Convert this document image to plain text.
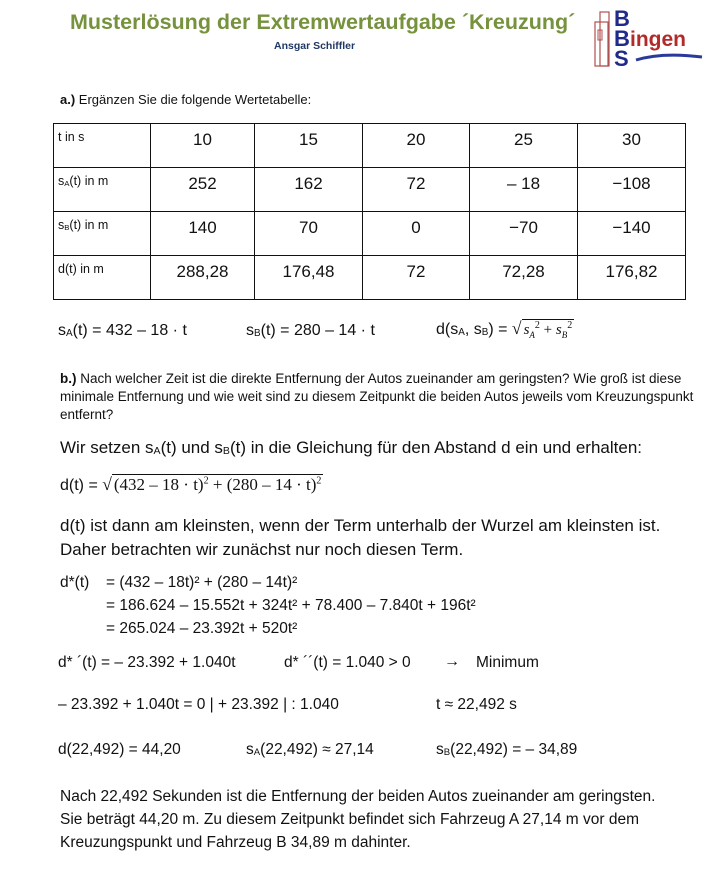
Musterlösung der Extremwertaufgabe ´Kreuzung´
Ansgar Schiffler
B
B ingen
S
a.) Ergänzen Sie die folgende Wertetabelle:
t in s	10	15	20	25	30
sA(t) in m	252	162	72	– 18	−108
sB(t) in m	140	70	0	−70	−140
d(t) in m	288,28	176,48	72	72,28	176,82
sA(t) = 432 – 18 · t	sB(t) = 280 – 14 · t	d(sA, sB) = √ $s_A^2 + s_B^2$
b.) Nach welcher Zeit ist die direkte Entfernung der Autos zueinander am geringsten? Wie groß ist diese minimale Entfernung und wie weit sind zu diesem Zeitpunkt die beiden Autos jeweils vom Kreuzungspunkt entfernt?
Wir setzen sA(t) und sB(t) in die Gleichung für den Abstand d ein und erhalten:
d(t) = √ $(432 - 18 \cdot t)^2 + (280 - 14 \cdot t)^2$
d(t) ist dann am kleinsten, wenn der Term unterhalb der Wurzel am kleinsten ist.
Daher betrachten wir zunächst nur noch diesen Term.
d*(t) = (432 – 18t)² + (280 – 14t)²
= 186.624 – 15.552t + 324t² + 78.400 – 7.840t + 196t²
= 265.024 – 23.392t + 520t²
d* ´(t) = – 23.392 + 1.040t	d* ´´(t) = 1.040 > 0 → Minimum
– 23.392 + 1.040t = 0 | + 23.392 | : 1.040	t ≈ 22,492 s
d(22,492) = 44,20	sA(22,492) ≈ 27,14	sB(22,492) = – 34,89
Nach 22,492 Sekunden ist die Entfernung der beiden Autos zueinander am geringsten.
Sie beträgt 44,20 m. Zu diesem Zeitpunkt befindet sich Fahrzeug A 27,14 m vor dem
Kreuzungspunkt und Fahrzeug B 34,89 m dahinter.
